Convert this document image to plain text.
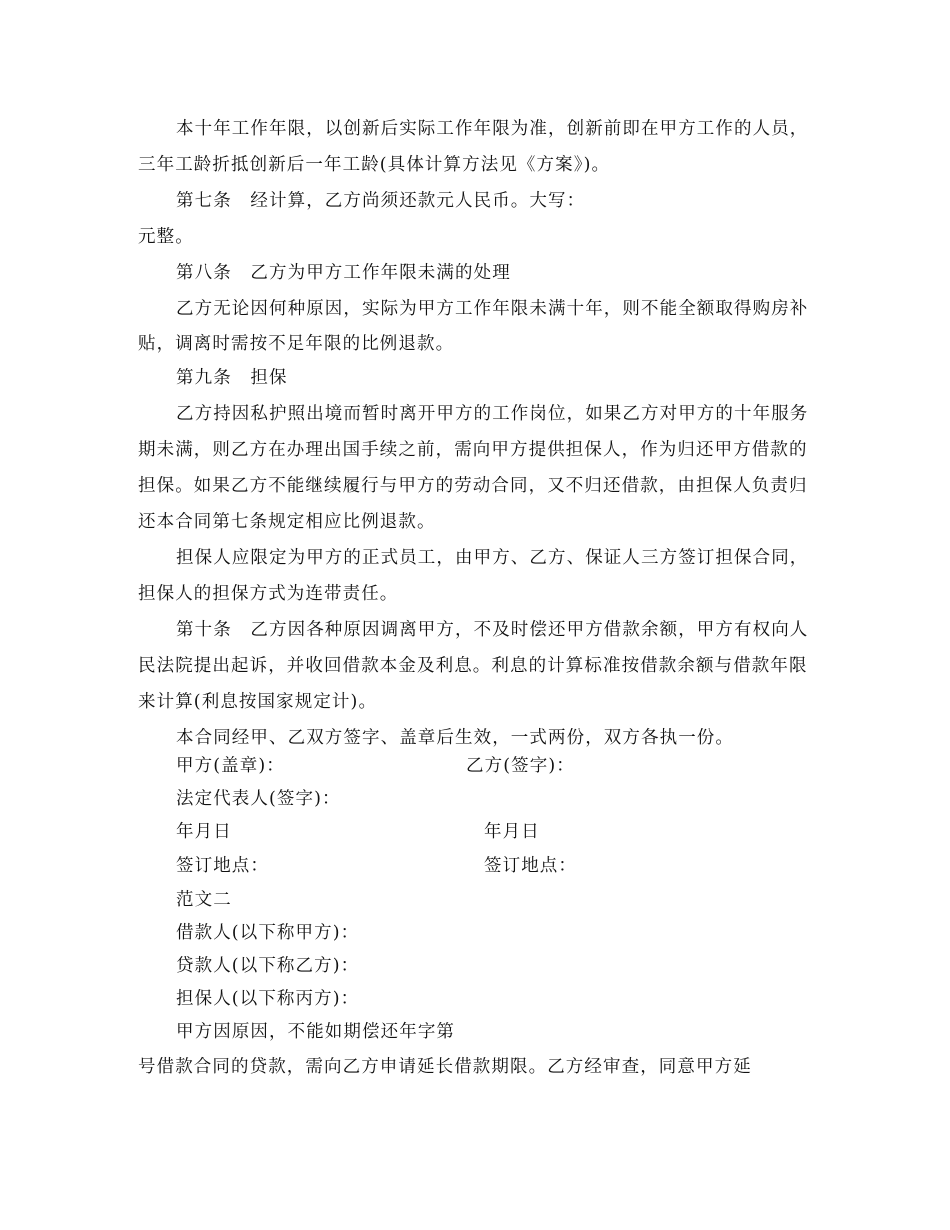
本十年工作年限，以创新后实际工作年限为准，创新前即在甲方工作的人员，
三年工龄折抵创新后一年工龄(具体计算方法见《方案》)。
第七条　经计算，乙方尚须还款元人民币。大写：
元整。
第八条　乙方为甲方工作年限未满的处理
乙方无论因何种原因，实际为甲方工作年限未满十年，则不能全额取得购房补
贴，调离时需按不足年限的比例退款。
第九条　担保
乙方持因私护照出境而暂时离开甲方的工作岗位，如果乙方对甲方的十年服务
期未满，则乙方在办理出国手续之前，需向甲方提供担保人，作为归还甲方借款的
担保。如果乙方不能继续履行与甲方的劳动合同，又不归还借款，由担保人负责归
还本合同第七条规定相应比例退款。
担保人应限定为甲方的正式员工，由甲方、乙方、保证人三方签订担保合同，
担保人的担保方式为连带责任。
第十条　乙方因各种原因调离甲方，不及时偿还甲方借款余额，甲方有权向人
民法院提出起诉，并收回借款本金及利息。利息的计算标准按借款余额与借款年限
来计算(利息按国家规定计)。
本合同经甲、乙双方签字、盖章后生效，一式两份，双方各执一份。
甲方(盖章)：	乙方(签字)：
法定代表人(签字)：
年月日	年月日
签订地点：	签订地点：
范文二
借款人(以下称甲方)：
贷款人(以下称乙方)：
担保人(以下称丙方)：
甲方因原因，不能如期偿还年字第
号借款合同的贷款，需向乙方申请延长借款期限。乙方经审查，同意甲方延
